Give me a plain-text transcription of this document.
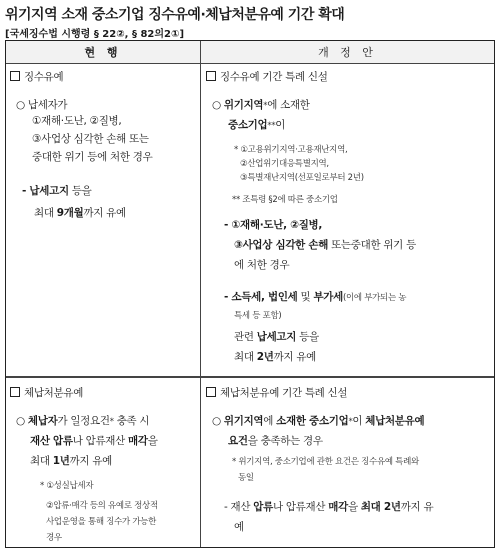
위기지역 소재 중소기업 징수유예·체납처분유예 기간 확대
[국세징수법 시행령 § 22②, § 82의2①]
현 행	개 정 안
징수유예
○ 납세자가
①재해·도난, ②질병,
③사업상 심각한 손해 또는
중대한 위기 등에 처한 경우
- 납세고지 등을
최대 9개월까지 유예
징수유예 기간 특례 신설
○ 위기지역*에 소재한
중소기업**이
* ①고용위기지역·고용재난지역,
②산업위기대응특별지역,
③특별재난지역(선포일로부터 2년)
** 조특령 §2에 따른 중소기업
- ①재해·도난, ②질병,
③사업상 심각한 손해 또는중대한 위기 등
에 처한 경우
- 소득세, 법인세 및 부가세(이에 부가되는 농
특세 등 포함)
관련 납세고지 등을
최대 2년까지 유예
체납처분유예
○ 체납자가 일정요건* 충족 시
재산 압류나 압류재산 매각을
최대 1년까지 유예
* ①성실납세자
②압류·매각 등의 유예로 정상적
사업운영을 통해 징수가 가능한
경우
체납처분유예 기간 특례 신설
○ 위기지역에 소재한 중소기업*이 체납처분유예
요건을 충족하는 경우
* 위기지역, 중소기업에 관한 요건은 징수유예 특례와
동일
- 재산 압류나 압류재산 매각을 최대 2년까지 유
예
